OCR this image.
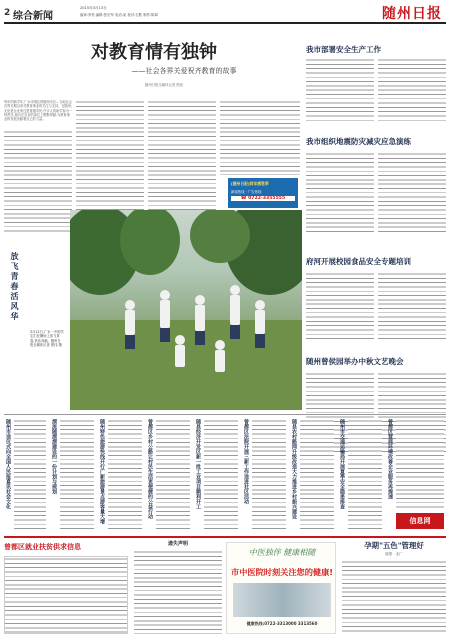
2 综合新闻
2015年3月13日
编审:李松 编辑:张宏军 电话:某 校对:石胜 制作:陈翠	随州日报
对教育情有独钟
——社会各界关爱祝齐教育的故事
随州日报全媒体记者 熊伟
每年的新学年,广水市城区的随州市区…当地社会各界长期以来对教育事业的关注与支持。在随州,无论是企业家还是普通市民,许多人将助学视为一种责任,他们在各自的岗位上默默奉献,为教育事业的发展贡献着自己的力量。
[随州日报]同年感恩季
新闻热线 · 广告热线
☎ 0722-3355555
放飞青春活风华
3月12日,广水一中的学生们在操场上放飞青春,快乐奔跑。随州日报全媒体记者 熊伟 摄
我市部署安全生产工作
我市组织地震防灾减灾应急演练
府河开展校园食品安全专题培训
随州曾侯园举办中秋文艺晚会
随州市送仪式向全国人民报喜讯社会文化	漂流随漂漂建设的一份计划与规划	随州特色旅游快线开行广新旅游景点游客量大增	曾都区乡村公路让村民生活更便捷的公益行动	随县经济开发区新一批工业项目顺利开工	曾都区法院开展三新工作送进社区活动	随县农村路网升级改造大力推进乡村振兴建设	随州市交通运输局开展夏季安全隐患排查	曾都区营商环境改善企业服务再提速
信息网
曾都区就业扶贫供求信息	遗失声明
中医独伴 健康相随
市中医院时刻关注您的健康!
健康热线:0722-3313000 3313560
孕期"五色"管理好
健康 · 北广
